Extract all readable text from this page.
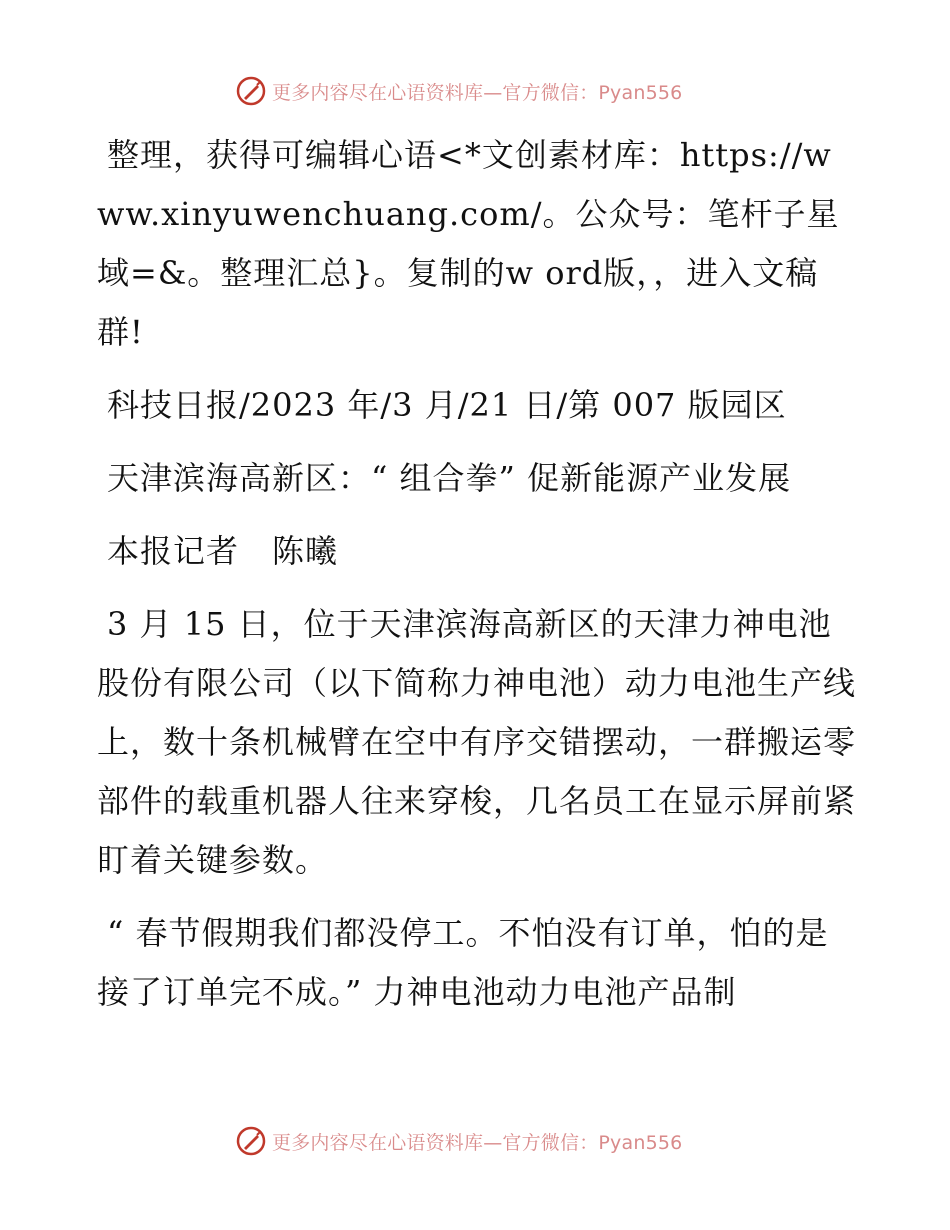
更多内容尽在心语资料库—官方微信：Pyan556

整理，获得可编辑心语<*文创素材库：https://www.xinyuwenchuang.com/。公众号：笔杆子星域=&。整理汇总}。复制的w ord版，，进入文稿群!

科技日报/2023 年/3 月/21 日/第 007 版园区

天津滨海高新区：“ 组合拳” 促新能源产业发展

本报记者　陈曦

3 月 15 日，位于天津滨海高新区的天津力神电池股份有限公司（以下简称力神电池）动力电池生产线上，数十条机械臂在空中有序交错摆动，一群搬运零部件的载重机器人往来穿梭，几名员工在显示屏前紧盯着关键参数。

“ 春节假期我们都没停工。不怕没有订单，怕的是接了订单完不成。” 力神电池动力电池产品制

更多内容尽在心语资料库—官方微信：Pyan556
